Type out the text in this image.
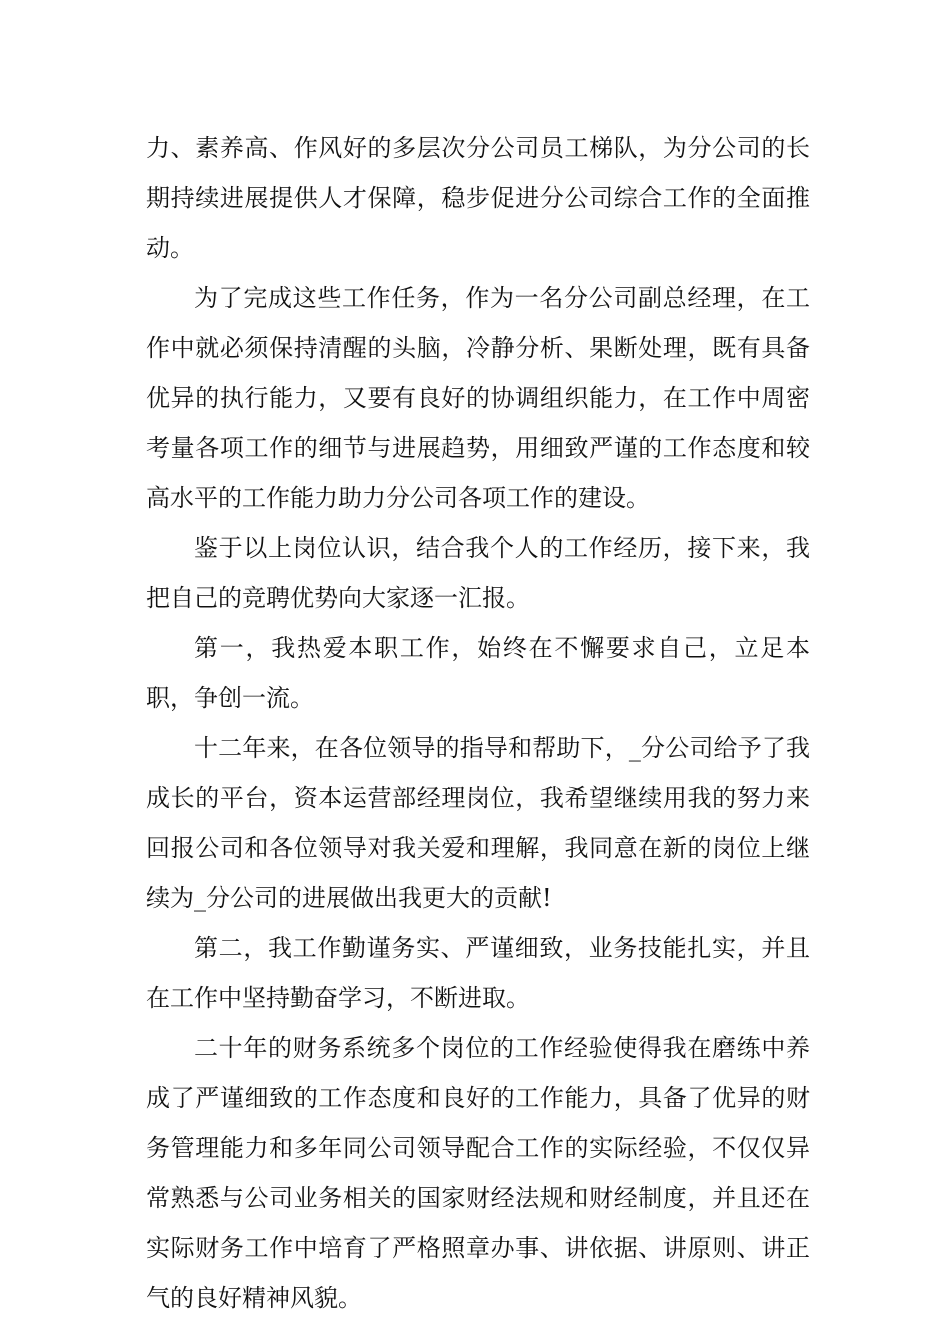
力、素养高、作风好的多层次分公司员工梯队，为分公司的长期持续进展提供人才保障，稳步促进分公司综合工作的全面推动。

为了完成这些工作任务，作为一名分公司副总经理，在工作中就必须保持清醒的头脑，冷静分析、果断处理，既有具备优异的执行能力，又要有良好的协调组织能力，在工作中周密考量各项工作的细节与进展趋势，用细致严谨的工作态度和较高水平的工作能力助力分公司各项工作的建设。

鉴于以上岗位认识，结合我个人的工作经历，接下来，我把自己的竞聘优势向大家逐一汇报。

第一，我热爱本职工作，始终在不懈要求自己，立足本职，争创一流。

十二年来，在各位领导的指导和帮助下，_分公司给予了我成长的平台，资本运营部经理岗位，我希望继续用我的努力来回报公司和各位领导对我关爱和理解，我同意在新的岗位上继续为_分公司的进展做出我更大的贡献!

第二，我工作勤谨务实、严谨细致，业务技能扎实，并且在工作中坚持勤奋学习，不断进取。

二十年的财务系统多个岗位的工作经验使得我在磨练中养成了严谨细致的工作态度和良好的工作能力，具备了优异的财务管理能力和多年同公司领导配合工作的实际经验，不仅仅异常熟悉与公司业务相关的国家财经法规和财经制度，并且还在实际财务工作中培育了严格照章办事、讲依据、讲原则、讲正气的良好精神风貌。
